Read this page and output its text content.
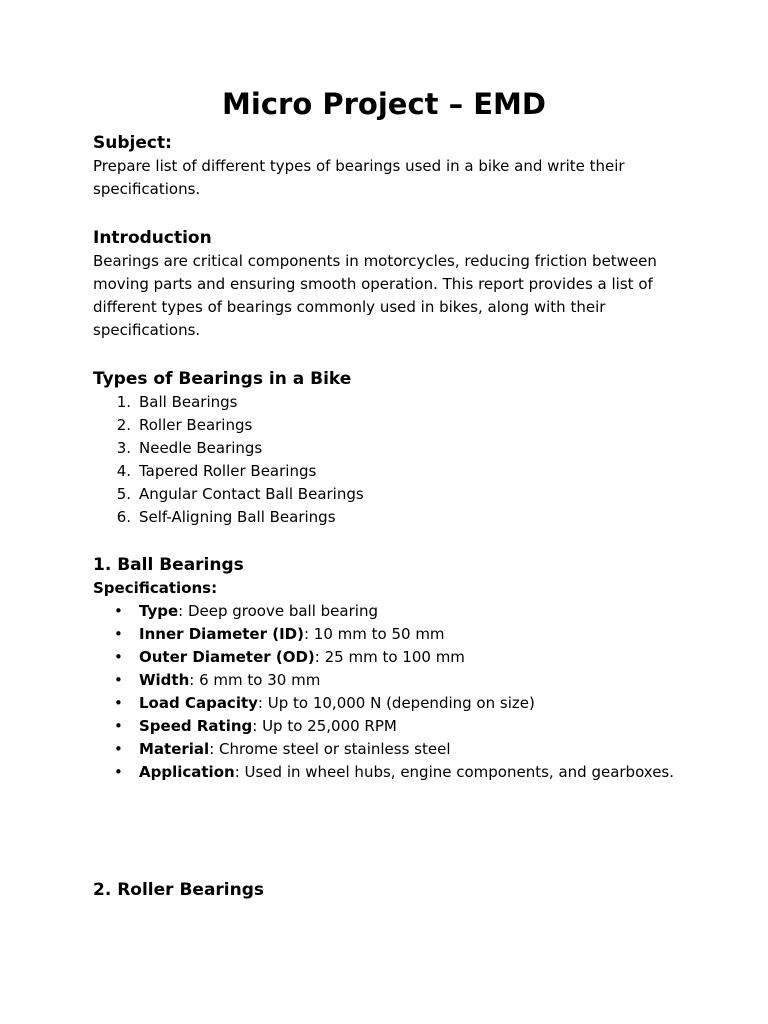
Micro Project – EMD
Subject:

Prepare list of different types of bearings used in a bike and write their specifications.

Introduction

Bearings are critical components in motorcycles, reducing friction between moving parts and ensuring smooth operation. This report provides a list of different types of bearings commonly used in bikes, along with their specifications.

Types of Bearings in a Bike
1. Ball Bearings
2. Roller Bearings
3. Needle Bearings
4. Tapered Roller Bearings
5. Angular Contact Ball Bearings
6. Self-Aligning Ball Bearings
1. Ball Bearings

Specifications:

• Type: Deep groove ball bearing
• Inner Diameter (ID): 10 mm to 50 mm
• Outer Diameter (OD): 25 mm to 100 mm
• Width: 6 mm to 30 mm
• Load Capacity: Up to 10,000 N (depending on size)
• Speed Rating: Up to 25,000 RPM
• Material: Chrome steel or stainless steel
• Application: Used in wheel hubs, engine components, and gearboxes.
2. Roller Bearings
